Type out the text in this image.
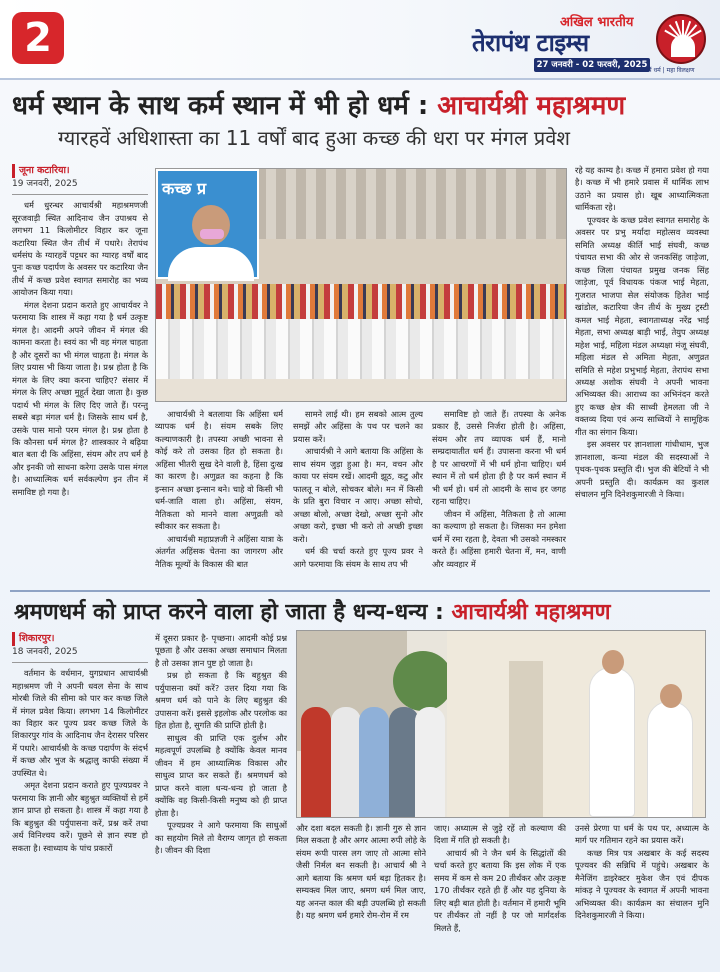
2	अखिल भारतीय
तेरापंथ टाइम्स
27 जनवरी - 02 फरवरी, 2025
मैं धर्म | महा विलक्षण
धर्म स्थान के साथ कर्म स्थान में भी हो धर्म : आचार्यश्री महाश्रमण
ग्यारहवें अधिशास्ता का 11 वर्षों बाद हुआ कच्छ की धरा पर मंगल प्रवेश
जूना कटारिया।
19 जनवरी, 2025

धर्म धुरन्धर आचार्यश्री महाश्रमणजी सूरजवाड़ी स्थित आदिनाथ जैन उपाश्रय से लगभग 11 किलोमीटर विहार कर जूना कटारिया स्थित जैन तीर्थ में पधारे। तेरापंथ धर्मसंघ के ग्यारहवें पट्टधर का ग्यारह वर्षों बाद पुनः कच्छ पदार्पण के अवसर पर कटारिया जैन तीर्थ में कच्छ प्रवेश स्वागत समारोह का भव्य आयोजन किया गया।

मंगल देशना प्रदान कराते हुए आचार्यवर ने फरमाया कि शास्त्र में कहा गया है धर्म उत्कृष्ट मंगल है। आदमी अपने जीवन में मंगल की कामना करता है। स्वयं का भी वह मंगल चाहता है और दूसरों का भी मंगल चाहता है। मंगल के लिए प्रयास भी किया जाता है। प्रश्न होता है कि मंगल के लिए क्या करना चाहिए? संसार में मंगल के लिए अच्छा मुहूर्त देखा जाता है। कुछ पदार्थ भी मंगल के लिए दिए जाते हैं। परन्तु सबसे बड़ा मंगल धर्म है। जिसके साथ धर्म है, उसके पास मानो परम मंगल है। प्रश्न होता है कि कौनसा धर्म मंगल है? शास्त्रकार ने बढ़िया बात बता दी कि अहिंसा, संयम और तप धर्म है और इनकी जो साधना करेगा उसके पास मंगल है। आध्यात्मिक धर्म सर्वकल्पेण इन तीन में समाविष्ट हो गया है।

कच्छ प्र

आचार्यश्री ने बतलाया कि अहिंसा धर्म व्यापक धर्म है। संयम सबके लिए कल्याणकारी है। तपस्या अच्छी भावना से कोई करे तो उसका हित हो सकता है। अहिंसा भीतरी सुख देने वाली है, हिंसा दुःख का कारण है। अणुव्रत का कहना है कि इन्सान अच्छा इन्सान बने। चाहे वो किसी भी धर्म-जाति वाला हो। अहिंसा, संयम, नैतिकता को मानने वाला अणुव्रती को स्वीकार कर सकता है।

आचार्यश्री महाप्रज्ञजी ने अहिंसा यात्रा के अंतर्गत अहिंसक चेतना का जागरण और नैतिक मूल्यों के विकास की बात

सामने लाई थी। हम सबको आत्म तुल्य समझें और अहिंसा के पथ पर चलने का प्रयास करें।

आचार्यश्री ने आगे बताया कि अहिंसा के साथ संयम जुड़ा हुआ है। मन, वचन और काया पर संयम रखें। आदमी झूठ, कटु और फालतू न बोले, सोचकर बोले। मन में किसी के प्रति बुरा विचार न आए। अच्छा सोचो, अच्छा बोलो, अच्छा देखो, अच्छा सुनो और अच्छा करो, इच्छा भी करो तो अच्छी इच्छा करो।

धर्म की चर्चा करते हुए पूज्य प्रवर ने आगे फरमाया कि संयम के साथ तप भी

समाविष्ट हो जाते हैं। तपस्या के अनेक प्रकार हैं, उससे निर्जरा होती है। अहिंसा, संयम और तप व्यापक धर्म हैं, मानो सम्प्रदायातीत धर्म हैं। उपासना करना भी धर्म है पर आचरणों में भी धर्म होना चाहिए। धर्म स्थान में तो धर्म होता ही है पर कर्म स्थान में भी धर्म हो। धर्म तो आदमी के साथ हर जगह रहना चाहिए।

जीवन में अहिंसा, नैतिकता है तो आत्मा का कल्याण हो सकता है। जिसका मन हमेशा धर्म में रमा रहता है, देवता भी उसको नमस्कार करते हैं। अहिंसा हमारी चेतना में, मन, वाणी और व्यवहार में

रहे यह काम्य है। कच्छ में हमारा प्रवेश हो गया है। कच्छ में भी हमारे प्रवास में धार्मिक लाभ उठाने का प्रयास हो। खूब आध्यात्मिकता धार्मिकता रहे।

पूज्यवर के कच्छ प्रवेश स्वागत समारोह के अवसर पर प्रभु मर्यादा महोत्सव व्यवस्था समिति अध्यक्ष कीर्ति भाई संघवी, कच्छ पंचायत सभा की ओर से जनकसिंह जाड़ेजा, कच्छ जिला पंचायत प्रमुख जनक सिंह जाड़ेजा, पूर्व विधायक पंकज भाई मेहता, गुजरात भाजपा सेल संयोजक हितेश भाई खांडोल, कटारिया जैन तीर्थ के मुख्य ट्रस्टी कमल भाई मेहता, स्वागताध्यक्ष नरेंद्र भाई मेहता, सभा अध्यक्ष बाड़ी भाई, तेयुप अध्यक्ष महेश भाई, महिला मंडल अध्यक्षा मंजू संघवी, महिला मंडल से अमिता मेहता, अणुव्रत समिति से महेश प्रभुभाई मेहता, तेरापंथ सभा अध्यक्ष अशोक संघवी ने अपनी भावना अभिव्यक्त की। आराध्य का अभिनंदन करते हुए कच्छ क्षेत्र की साध्वी हेमलता जी ने वक्तव्य दिया एवं अन्य साध्वियों ने सामूहिक गीत का संगान किया।

इस अवसर पर ज्ञानशाला गांधीधाम, भुज ज्ञानशाला, कन्या मंडल की सदस्याओं ने पृथक-पृथक प्रस्तुति दी। भुज की बेटियों ने भी अपनी प्रस्तुति दी। कार्यक्रम का कुशल संचालन मुनि दिनेशकुमारजी ने किया।

श्रमणधर्म को प्राप्त करने वाला हो जाता है धन्य-धन्य : आचार्यश्री महाश्रमण
शिकारपुर।
18 जनवरी, 2025

वर्तमान के वर्धमान, युगप्रधान आचार्यश्री महाश्रमण जी ने अपनी धवल सेना के साथ मोरबी जिले की सीमा को पार कर कच्छ जिले में मंगल प्रवेश किया। लगभग 14 किलोमीटर का विहार कर पूज्य प्रवर कच्छ जिले के शिकारपुर गांव के आदिनाथ जैन देरासर परिसर में पधारे। आचार्यश्री के कच्छ पदार्पण के संदर्भ में कच्छ और भुज के श्रद्धालु काफी संख्या में उपस्थित थे।

अमृत देशना प्रदान कराते हुए पूज्यप्रवर ने फरमाया कि ज्ञानी और बहुश्रुत व्यक्तियों से हमें ज्ञान प्राप्त हो सकता है। शास्त्र में कहा गया है कि बहुश्रुत की पर्युपासना करें, प्रश्न करें तथा अर्थ विनिश्चय करें। पूछने से ज्ञान स्पष्ट हो सकता है। स्वाध्याय के पांच प्रकारों

में दूसरा प्रकार है- पृच्छना। आदमी कोई प्रश्न पूछता है और उसका अच्छा समाधान मिलता है तो उसका ज्ञान पुष्ट हो जाता है।

प्रश्न हो सकता है कि बहुश्रुत की पर्युपासना क्यों करें? उत्तर दिया गया कि श्रमण धर्म को पाने के लिए बहुश्रुत की उपासना करें। इससे इहलोक और परलोक का हित होता है, सुगति की प्राप्ति होती है।

साधुत्व की प्राप्ति एक दुर्लभ और महत्वपूर्ण उपलब्धि है क्योंकि केवल मानव जीवन में हम आध्यात्मिक विकास और साधुत्व प्राप्त कर सकते हैं। श्रमणधर्म को प्राप्त करने वाला धन्य-धन्य हो जाता है क्योंकि वह किसी-किसी मनुष्य को ही प्राप्त होता है।

पूज्यप्रवर ने आगे फरमाया कि साधुओं का सहयोग मिले तो वैराग्य जागृत हो सकता है। जीवन की दिशा

और दशा बदल सकती है। ज्ञानी गुरु से ज्ञान मिल सकता है और अगर आत्मा रुपी लोहे के संयम रूपी पारस लग जाए तो आत्मा सोने जैसी निर्मल बन सकती है। आचार्य श्री ने आगे बताया कि श्रमण धर्म बड़ा हितकर है। सम्यक्त्व मिल जाए, श्रमण धर्म मिल जाए, यह अनन्त काल की बड़ी उपलब्धि हो सकती है। यह श्रमण धर्म हमारे रोम-रोम में रम

जाए। अध्यात्म से जुड़े रहें तो कल्याण की दिशा में गति हो सकती है।

आचार्य श्री ने जैन धर्म के सिद्धांतों की चर्चा करते हुए बताया कि इस लोक में एक समय में कम से कम 20 तीर्थंकर और उत्कृष्ट 170 तीर्थंकर रहते ही हैं और यह दुनिया के लिए बड़ी बात होती है। वर्तमान में हमारी भूमि पर तीर्थंकर तो नहीं है पर जो मार्गदर्शक मिलते हैं,

उनसे प्रेरणा पा धर्म के पथ पर, अध्यात्म के मार्ग पर गतिमान रहने का प्रयास करें।

कच्छ मित्र पत्र अखबार के कई सदस्य पूज्यवर की सन्निधि में पहुंचे। अखबार के मैनेजिंग डाइरेक्टर मुकेश जैन एवं दीपक मांकड़ ने पूज्यवर के स्वागत में अपनी भावना अभिव्यक्त की। कार्यक्रम का संचालन मुनि दिनेशकुमारजी ने किया।
